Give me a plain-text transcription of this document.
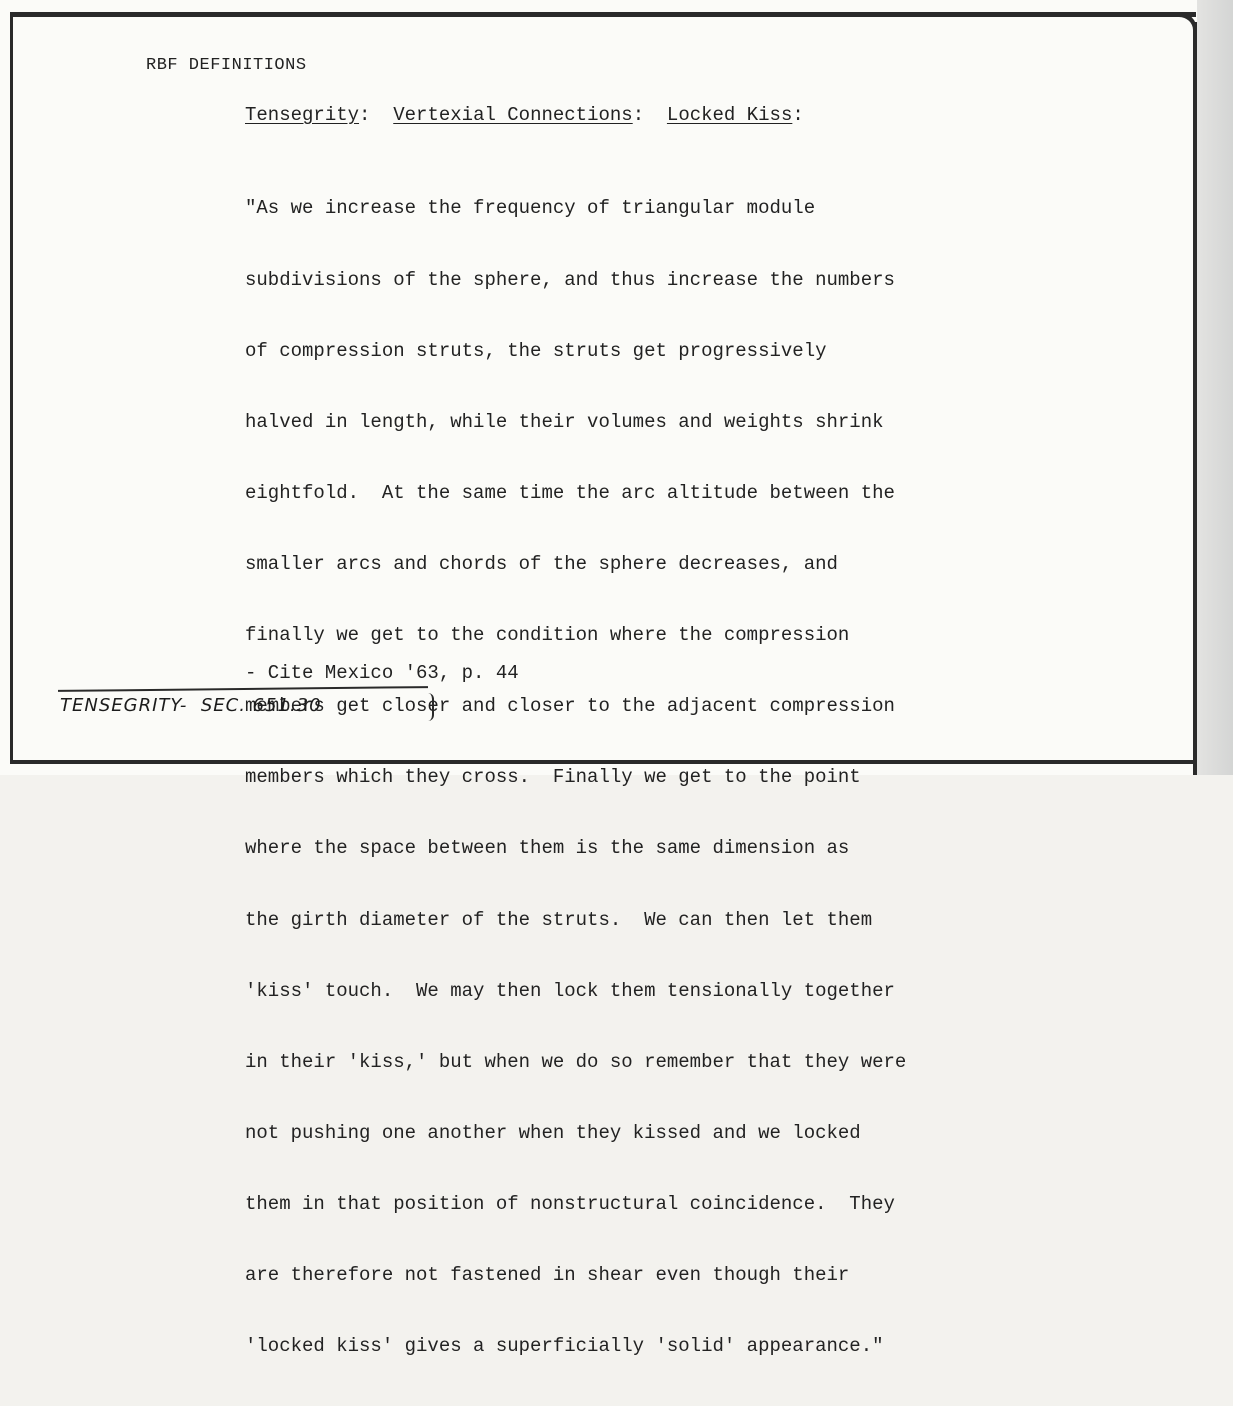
RBF DEFINITIONS
Tensegrity:  Vertexial Connections:  Locked Kiss:

"As we increase the frequency of triangular module

subdivisions of the sphere, and thus increase the numbers

of compression struts, the struts get progressively

halved in length, while their volumes and weights shrink

eightfold.  At the same time the arc altitude between the

smaller arcs and chords of the sphere decreases, and

finally we get to the condition where the compression

members get closer and closer to the adjacent compression

members which they cross.  Finally we get to the point

where the space between them is the same dimension as

the girth diameter of the struts.  We can then let them

'kiss' touch.  We may then lock them tensionally together

in their 'kiss,' but when we do so remember that they were

not pushing one another when they kissed and we locked

them in that position of nonstructural coincidence.  They

are therefore not fastened in shear even though their

'locked kiss' gives a superficially 'solid' appearance."

- Cite Mexico '63, p. 44
TENSEGRITY-  SEC. 651.30
